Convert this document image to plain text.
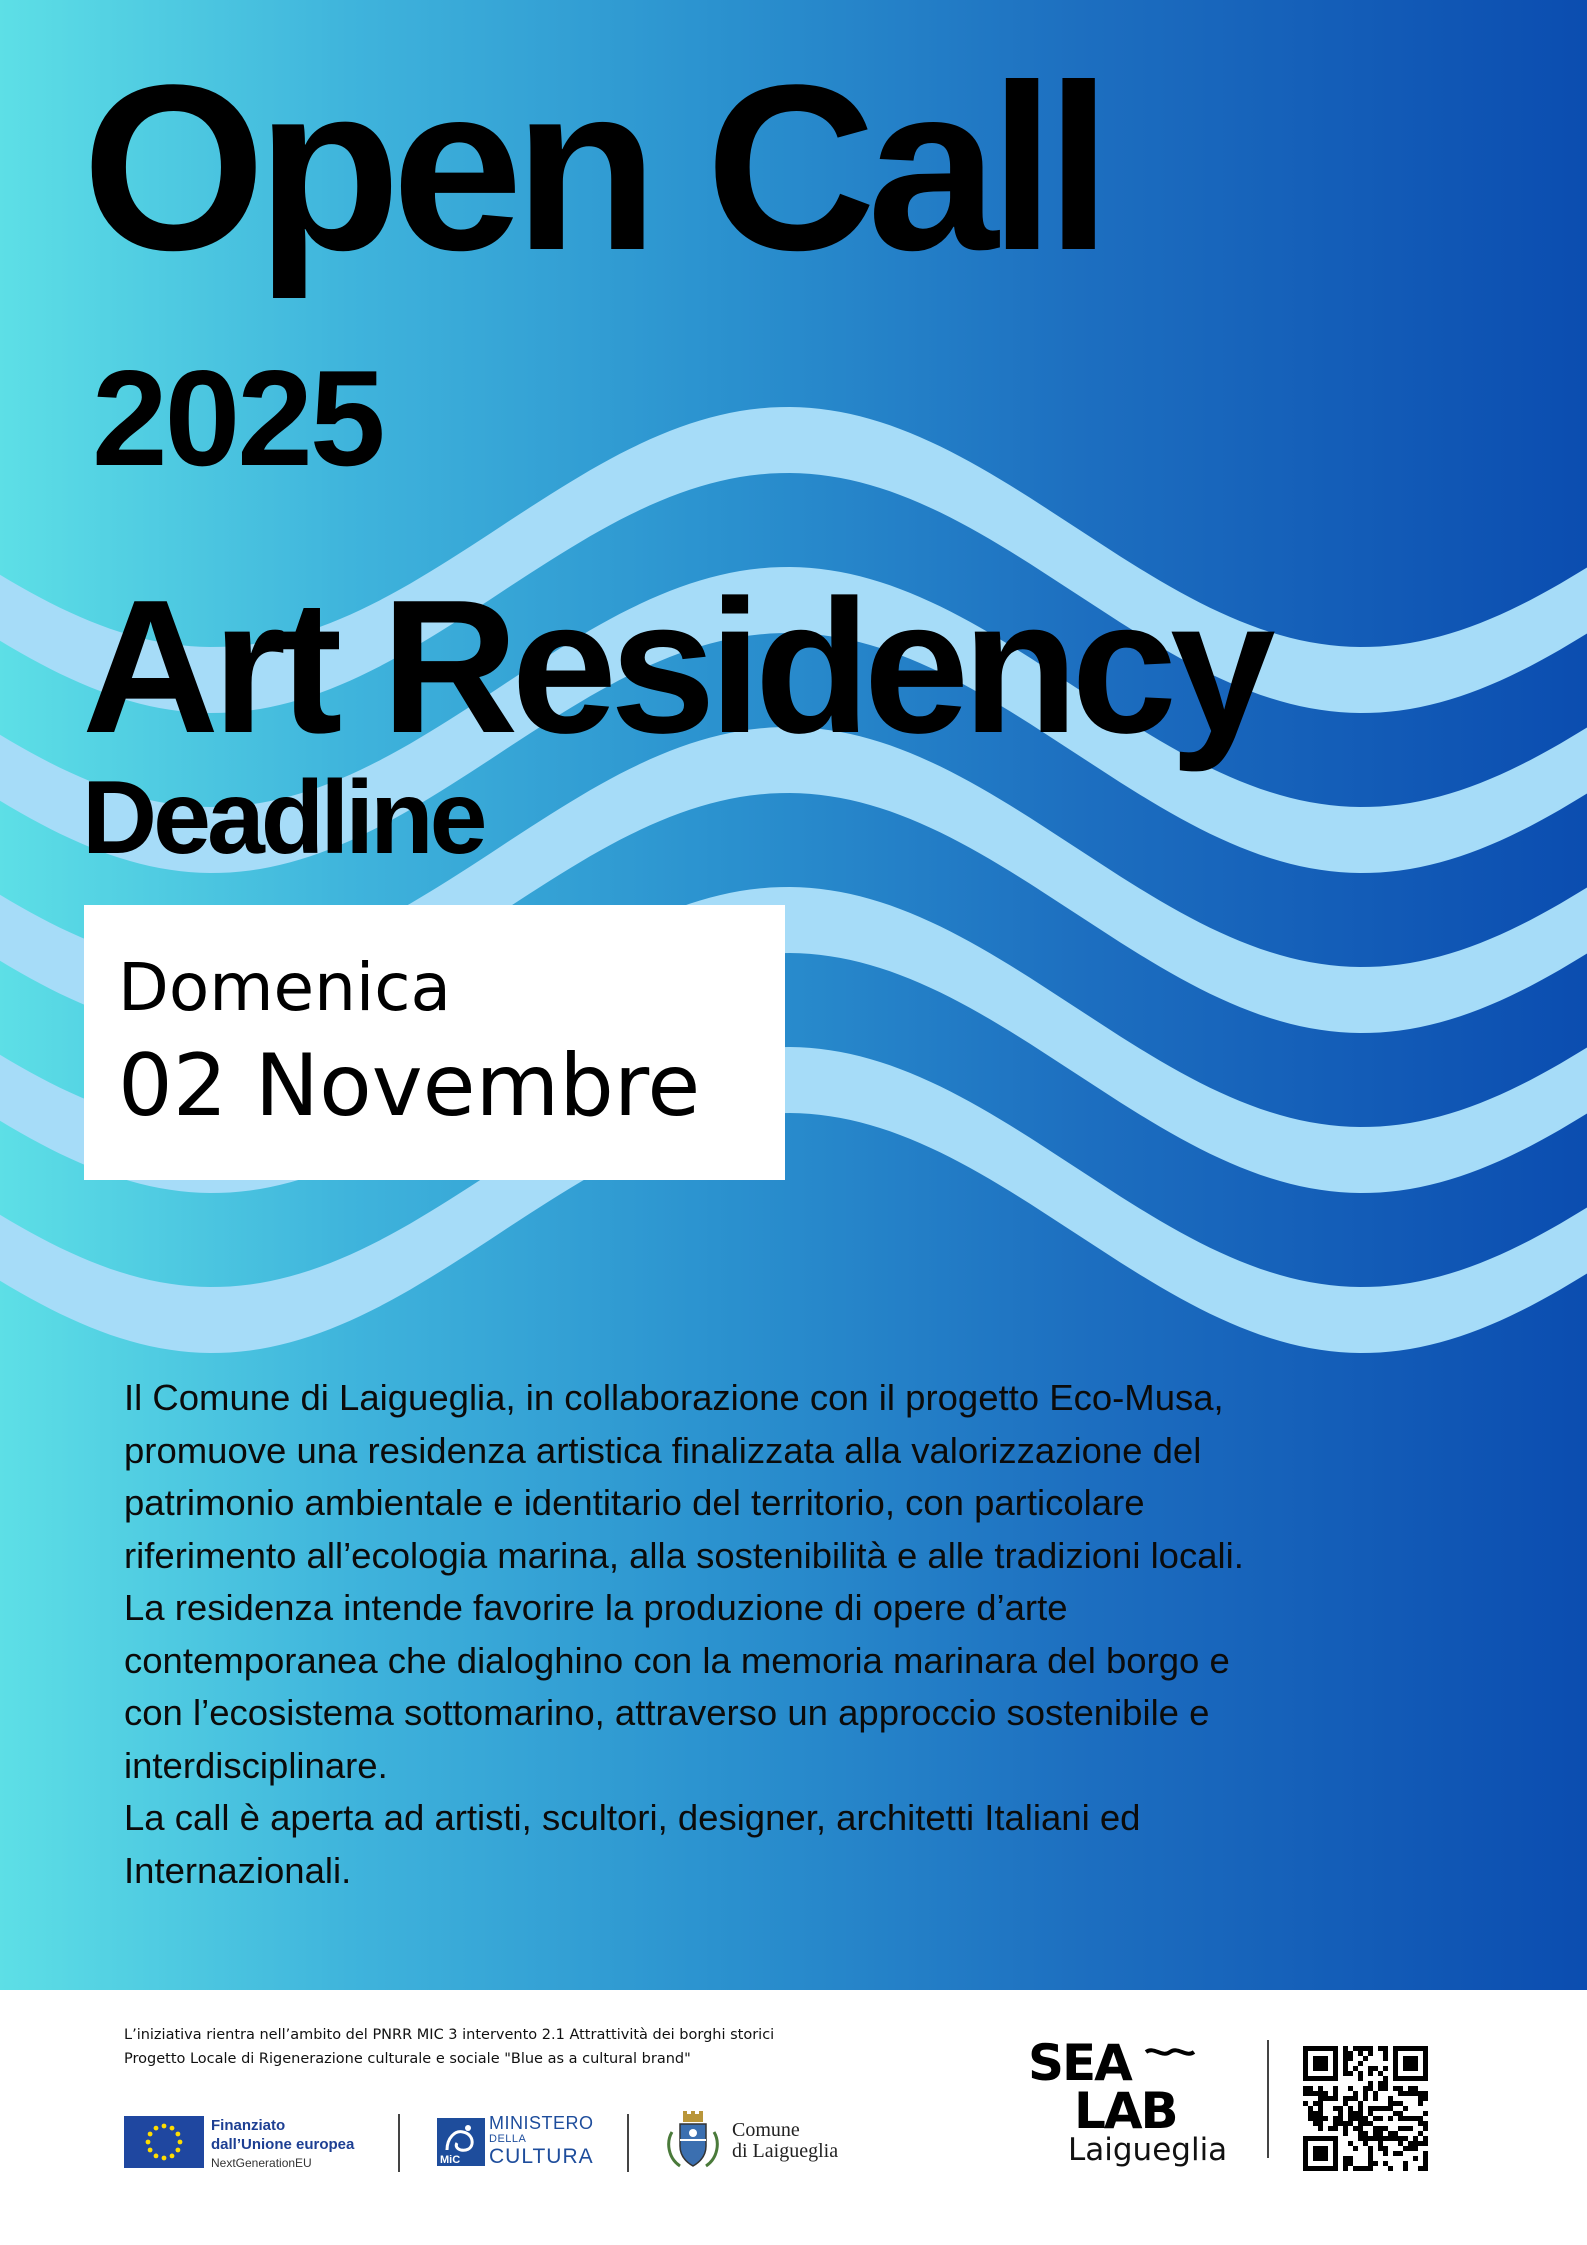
Open Call
2025
Art Residency
Deadline
Domenica
02 Novembre

Il Comune di Laigueglia, in collaborazione con il progetto Eco-Musa, promuove una residenza artistica finalizzata alla valorizzazione del patrimonio ambientale e identitario del territorio, con particolare riferimento all’ecologia marina, alla sostenibilità e alle tradizioni locali.

La residenza intende favorire la produzione di opere d’arte contemporanea che dialoghino con la memoria marinara del borgo e con l’ecosistema sottomarino, attraverso un approccio sostenibile e interdisciplinare.

La call è aperta ad artisti, scultori, designer, architetti Italiani ed Internazionali.

L’iniziativa rientra nell’ambito del PNRR MIC 3 intervento 2.1 Attrattività dei borghi storici
Progetto Locale di Rigenerazione culturale e sociale "Blue as a cultural brand"
Finanziato
dall’Unione europea
NextGenerationEU	MiC
MINISTERO
DELLA
CULTURA
Comune
di Laigueglia
SEA
LAB
Laigueglia
